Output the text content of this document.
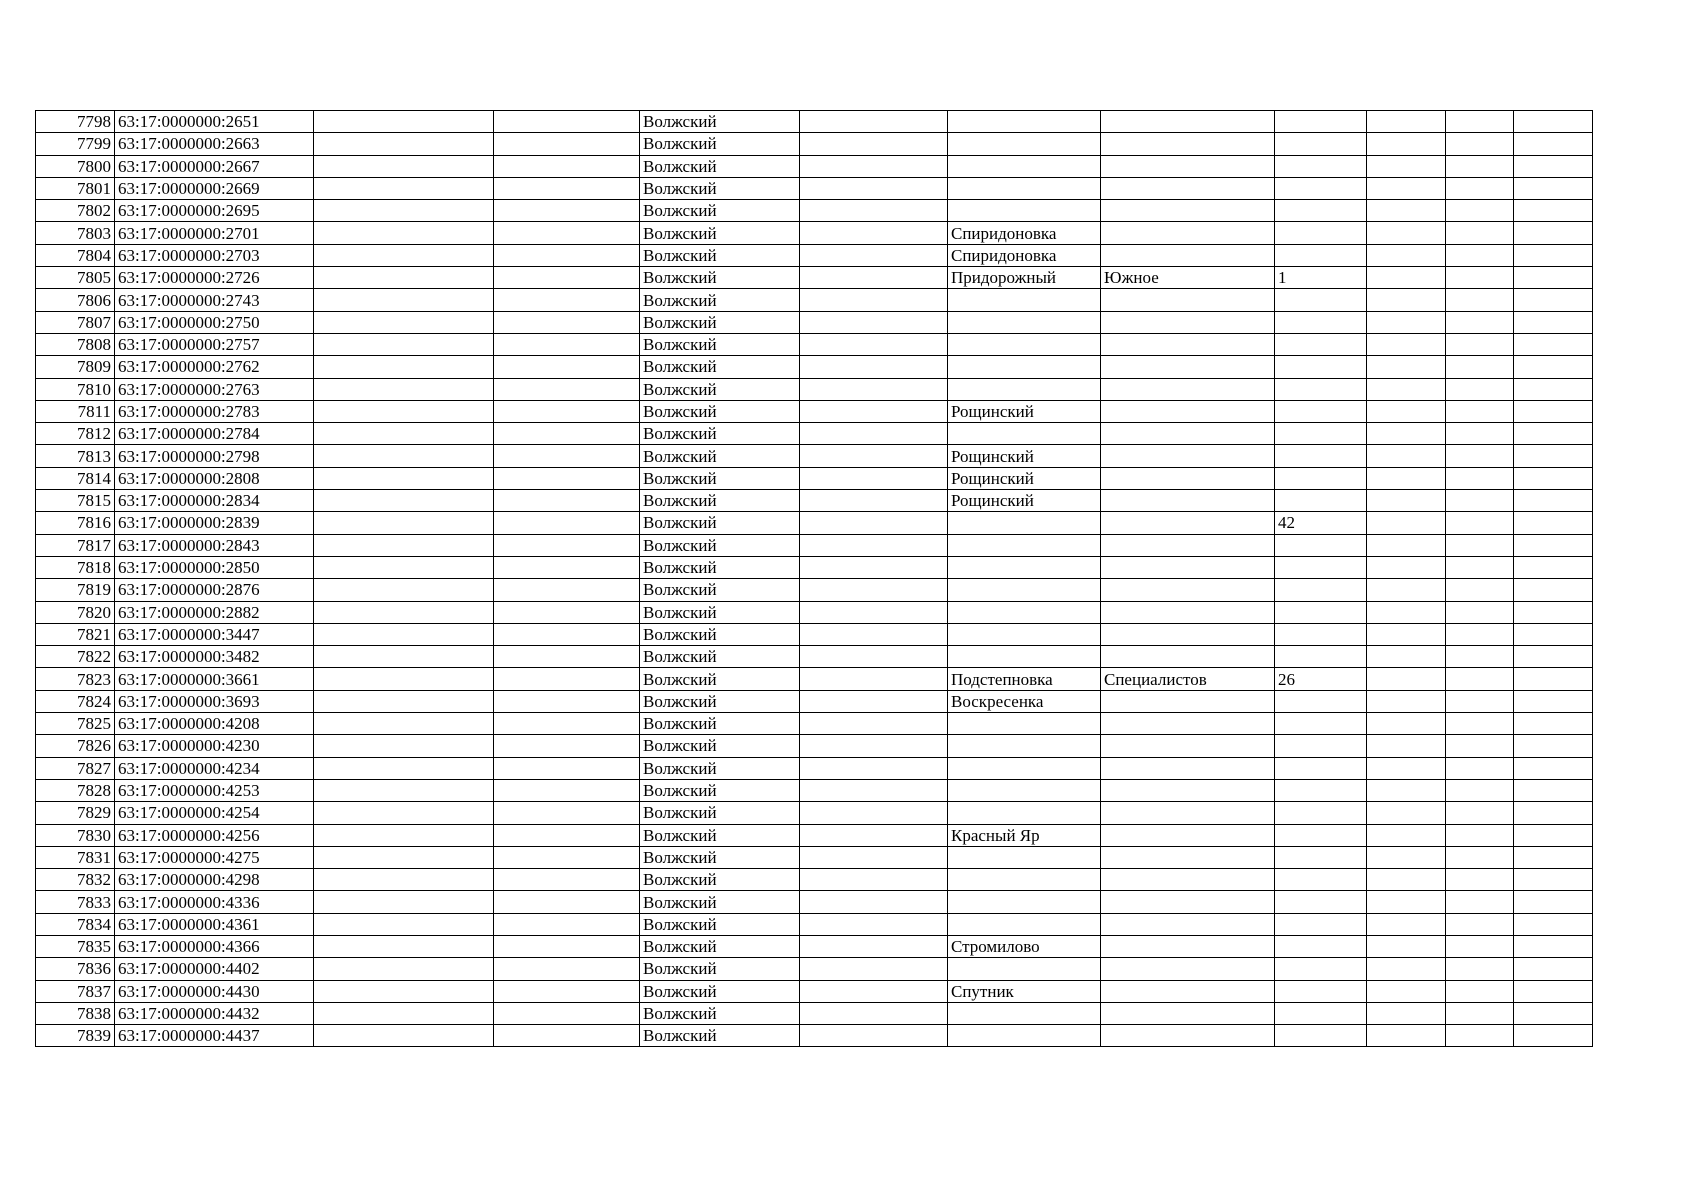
7798	63:17:0000000:2651			Волжский							
7799	63:17:0000000:2663			Волжский							
7800	63:17:0000000:2667			Волжский							
7801	63:17:0000000:2669			Волжский							
7802	63:17:0000000:2695			Волжский							
7803	63:17:0000000:2701			Волжский		Спиридоновка					
7804	63:17:0000000:2703			Волжский		Спиридоновка					
7805	63:17:0000000:2726			Волжский		Придорожный	Южное	1			
7806	63:17:0000000:2743			Волжский							
7807	63:17:0000000:2750			Волжский							
7808	63:17:0000000:2757			Волжский							
7809	63:17:0000000:2762			Волжский							
7810	63:17:0000000:2763			Волжский							
7811	63:17:0000000:2783			Волжский		Рощинский					
7812	63:17:0000000:2784			Волжский							
7813	63:17:0000000:2798			Волжский		Рощинский					
7814	63:17:0000000:2808			Волжский		Рощинский					
7815	63:17:0000000:2834			Волжский		Рощинский					
7816	63:17:0000000:2839			Волжский				42			
7817	63:17:0000000:2843			Волжский							
7818	63:17:0000000:2850			Волжский							
7819	63:17:0000000:2876			Волжский							
7820	63:17:0000000:2882			Волжский							
7821	63:17:0000000:3447			Волжский							
7822	63:17:0000000:3482			Волжский							
7823	63:17:0000000:3661			Волжский		Подстепновка	Специалистов	26			
7824	63:17:0000000:3693			Волжский		Воскресенка					
7825	63:17:0000000:4208			Волжский							
7826	63:17:0000000:4230			Волжский							
7827	63:17:0000000:4234			Волжский							
7828	63:17:0000000:4253			Волжский							
7829	63:17:0000000:4254			Волжский							
7830	63:17:0000000:4256			Волжский		Красный Яр					
7831	63:17:0000000:4275			Волжский							
7832	63:17:0000000:4298			Волжский							
7833	63:17:0000000:4336			Волжский							
7834	63:17:0000000:4361			Волжский							
7835	63:17:0000000:4366			Волжский		Стромилово					
7836	63:17:0000000:4402			Волжский							
7837	63:17:0000000:4430			Волжский		Спутник					
7838	63:17:0000000:4432			Волжский							
7839	63:17:0000000:4437			Волжский							
